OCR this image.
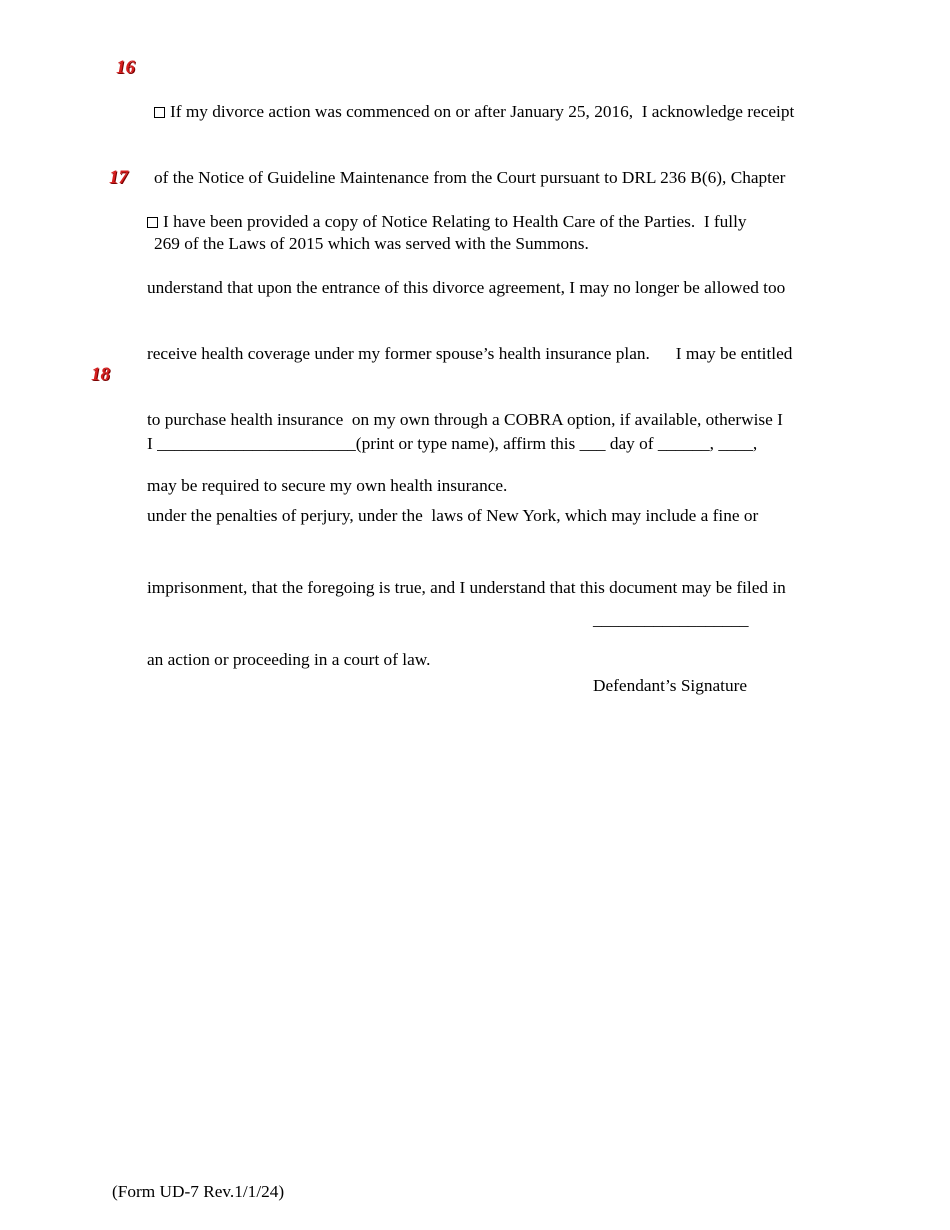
16

If my divorce action was commenced on or after January 25, 2016,  I acknowledge receipt

of the Notice of Guideline Maintenance from the Court pursuant to DRL 236 B(6), Chapter

269 of the Laws of 2015 which was served with the Summons.

17

I have been provided a copy of Notice Relating to Health Care of the Parties.  I fully

understand that upon the entrance of this divorce agreement, I may no longer be allowed too

receive health coverage under my former spouse’s health insurance plan.      I may be entitled

to purchase health insurance  on my own through a COBRA option, if available, otherwise I

may be required to secure my own health insurance.

18

I _______________________(print or type name), affirm this ___ day of ______, ____,

under the penalties of perjury, under the  laws of New York, which may include a fine or

imprisonment, that the foregoing is true, and I understand that this document may be filed in

an action or proceeding in a court of law.

__________________

Defendant’s Signature

(Form UD-7 Rev.1/1/24)
